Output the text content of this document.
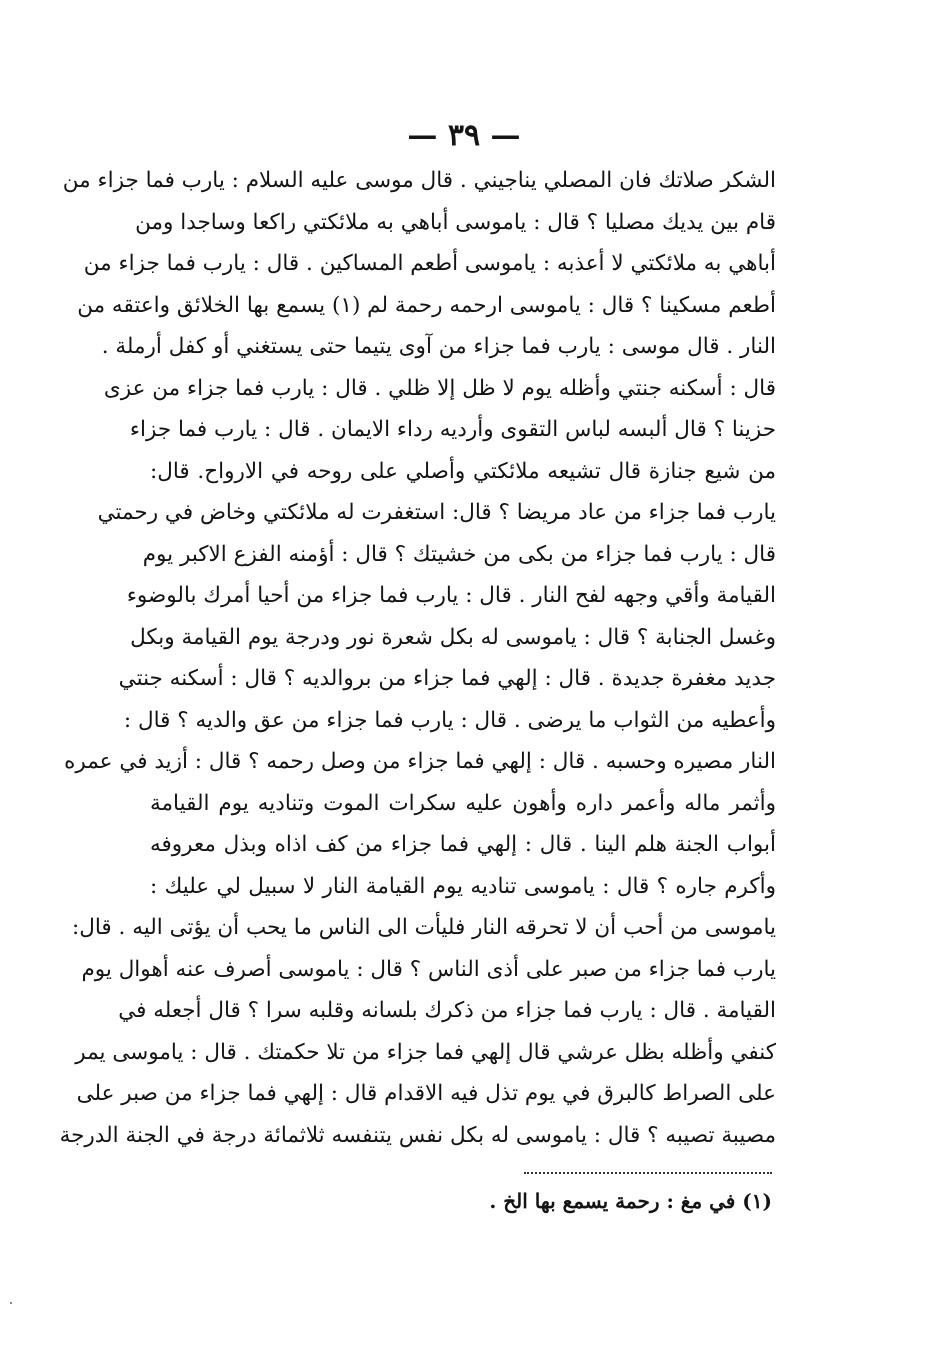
— ٣٩ —
الشكر صلاتك فان المصلي يناجيني . قال موسى عليه السلام : يارب فما جزاء من
قام بين يديك مصليا ؟ قال : ياموسى أباهي به ملائكتي راكعا وساجدا ومن
أباهي به ملائكتي لا أعذبه : ياموسى أطعم المساكين . قال : يارب فما جزاء من
أطعم مسكينا ؟ قال : ياموسى ارحمه رحمة لم (١) يسمع بها الخلائق واعتقه من
النار . قال موسى : يارب فما جزاء من آوى يتيما حتى يستغني أو كفل أرملة .
قال : أسكنه جنتي وأظله يوم لا ظل إلا ظلي . قال : يارب فما جزاء من عزى
حزينا ؟ قال ألبسه لباس التقوى وأرديه رداء الايمان . قال : يارب فما جزاء
من شيع جنازة قال تشيعه ملائكتي وأصلي على روحه في الارواح. قال:
يارب فما جزاء من عاد مريضا ؟ قال: استغفرت له ملائكتي وخاض في رحمتي
قال : يارب فما جزاء من بكى من خشيتك ؟ قال : أؤمنه الفزع الاكبر يوم
القيامة وأقي وجهه لفح النار . قال : يارب فما جزاء من أحيا أمرك بالوضوء
وغسل الجنابة ؟ قال : ياموسى له بكل شعرة نور ودرجة يوم القيامة وبكل
جديد مغفرة جديدة . قال : إلهي فما جزاء من بروالديه ؟ قال : أسكنه جنتي
وأعطيه من الثواب ما يرضى . قال : يارب فما جزاء من عق والديه ؟ قال :
النار مصيره وحسبه . قال : إلهي فما جزاء من وصل رحمه ؟ قال : أزيد في عمره
وأثمر ماله وأعمر داره وأهون عليه سكرات الموت وتناديه يوم القيامة
أبواب الجنة هلم الينا . قال : إلهي فما جزاء من كف اذاه وبذل معروفه
وأكرم جاره ؟ قال : ياموسى تناديه يوم القيامة النار لا سبيل لي عليك :
ياموسى من أحب أن لا تحرقه النار فليأت الى الناس ما يحب أن يؤتى اليه . قال:
يارب فما جزاء من صبر على أذى الناس ؟ قال : ياموسى أصرف عنه أهوال يوم
القيامة . قال : يارب فما جزاء من ذكرك بلسانه وقلبه سرا ؟ قال أجعله في
كنفي وأظله بظل عرشي قال إلهي فما جزاء من تلا حكمتك . قال : ياموسى يمر
على الصراط كالبرق في يوم تذل فيه الاقدام قال : إلهي فما جزاء من صبر على
مصيبة تصيبه ؟ قال : ياموسى له بكل نفس يتنفسه ثلاثمائة درجة في الجنة الدرجة
(١) في مغ : رحمة يسمع بها الخ .
